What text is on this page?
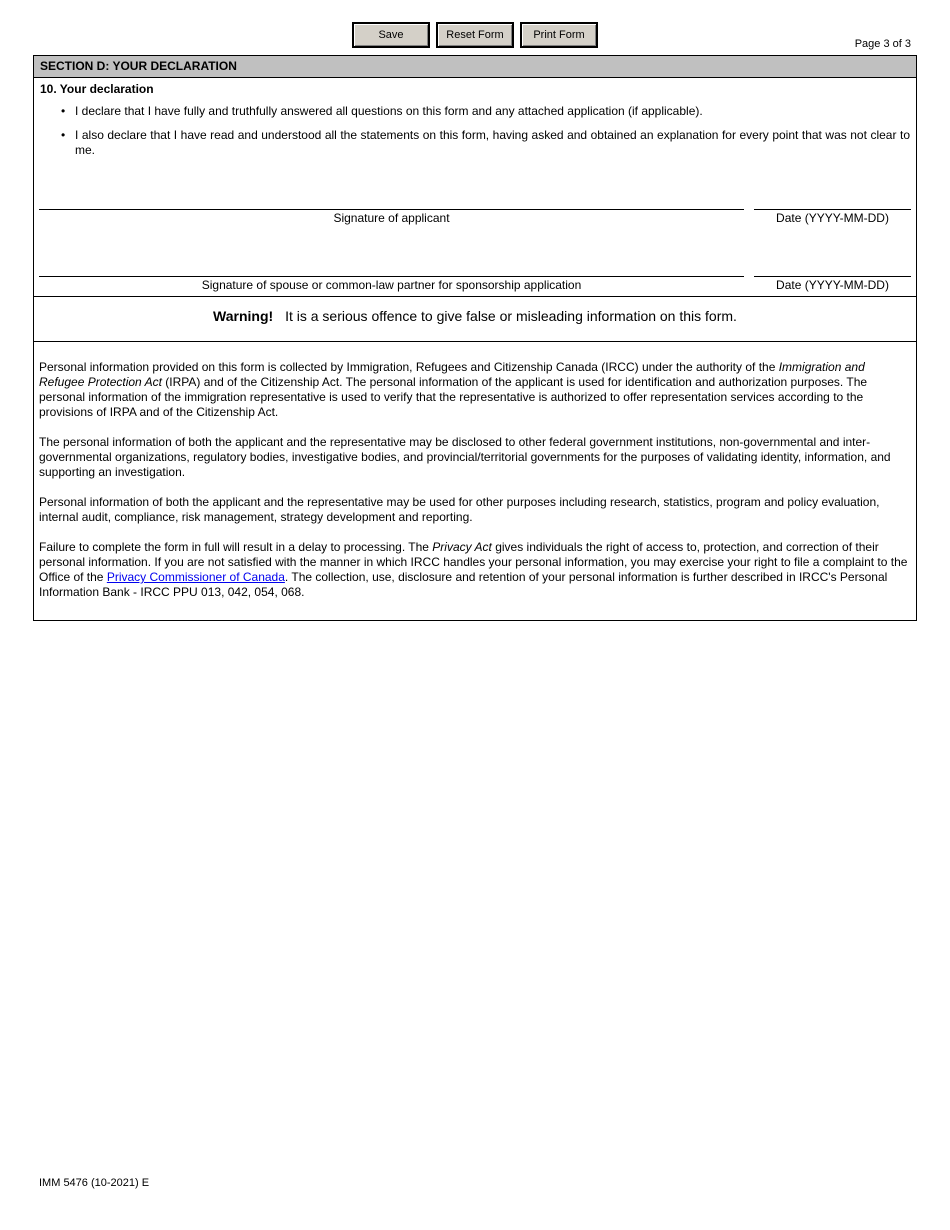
Save	Reset Form	Print Form
Page 3 of 3
SECTION D: YOUR DECLARATION
10. Your declaration
• I declare that I have fully and truthfully answered all questions on this form and any attached application (if applicable).
• I also declare that I have read and understood all the statements on this form, having asked and obtained an explanation for every point that was not clear to me.
Signature of applicant	Date (YYYY-MM-DD)
Signature of spouse or common-law partner for sponsorship application	Date (YYYY-MM-DD)
Warning! It is a serious offence to give false or misleading information on this form.

Personal information provided on this form is collected by Immigration, Refugees and Citizenship Canada (IRCC) under the authority of the Immigration and Refugee Protection Act (IRPA) and of the Citizenship Act. The personal information of the applicant is used for identification and authorization purposes. The personal information of the immigration representative is used to verify that the representative is authorized to offer representation services according to the provisions of IRPA and of the Citizenship Act.

The personal information of both the applicant and the representative may be disclosed to other federal government institutions, non-governmental and inter-governmental organizations, regulatory bodies, investigative bodies, and provincial/territorial governments for the purposes of validating identity, information, and supporting an investigation.

Personal information of both the applicant and the representative may be used for other purposes including research, statistics, program and policy evaluation, internal audit, compliance, risk management, strategy development and reporting.

Failure to complete the form in full will result in a delay to processing. The Privacy Act gives individuals the right of access to, protection, and correction of their personal information. If you are not satisfied with the manner in which IRCC handles your personal information, you may exercise your right to file a complaint to the Office of the Privacy Commissioner of Canada. The collection, use, disclosure and retention of your personal information is further described in IRCC's Personal Information Bank - IRCC PPU 013, 042, 054, 068.

IMM 5476 (10-2021) E
